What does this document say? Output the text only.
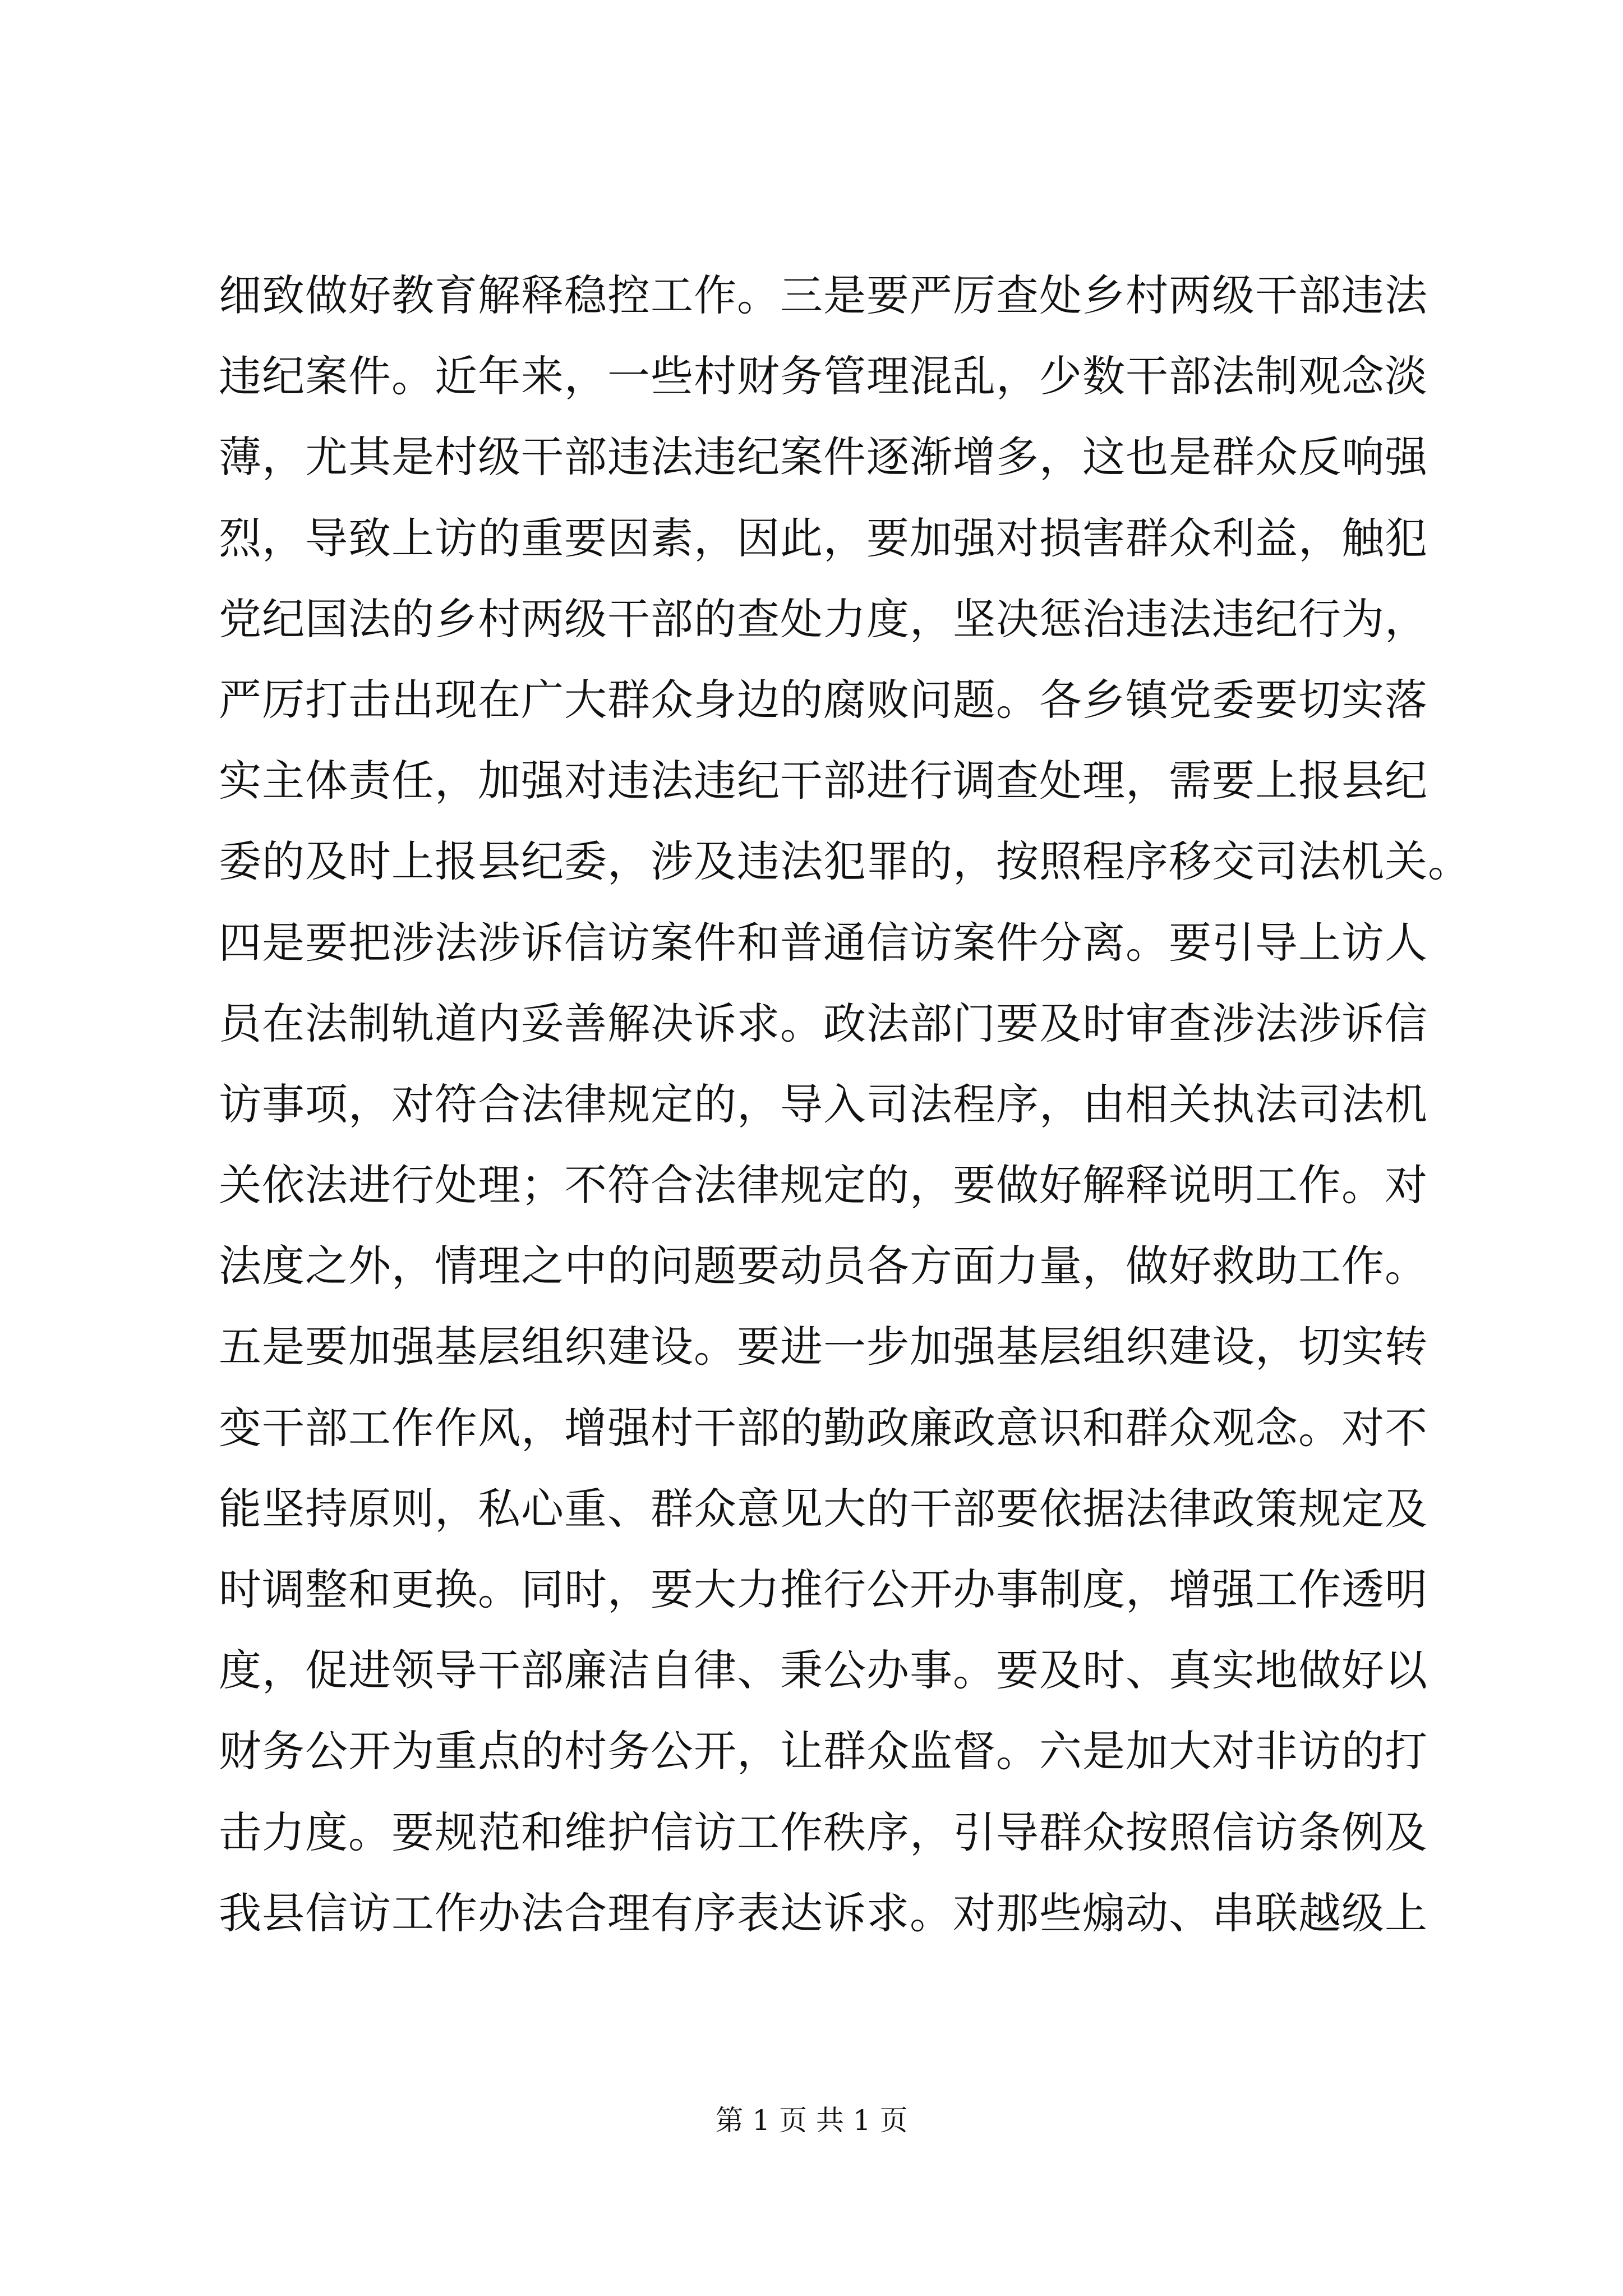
细致做好教育解释稳控工作。三是要严厉查处乡村两级干部违法
违纪案件。近年来，一些村财务管理混乱，少数干部法制观念淡
薄，尤其是村级干部违法违纪案件逐渐增多，这也是群众反响强
烈，导致上访的重要因素，因此，要加强对损害群众利益，触犯
党纪国法的乡村两级干部的查处力度，坚决惩治违法违纪行为，
严厉打击出现在广大群众身边的腐败问题。各乡镇党委要切实落
实主体责任，加强对违法违纪干部进行调查处理，需要上报县纪
委的及时上报县纪委，涉及违法犯罪的，按照程序移交司法机关。
四是要把涉法涉诉信访案件和普通信访案件分离。要引导上访人
员在法制轨道内妥善解决诉求。政法部门要及时审查涉法涉诉信
访事项，对符合法律规定的，导入司法程序，由相关执法司法机
关依法进行处理；不符合法律规定的，要做好解释说明工作。对
法度之外，情理之中的问题要动员各方面力量，做好救助工作。
五是要加强基层组织建设。要进一步加强基层组织建设，切实转
变干部工作作风，增强村干部的勤政廉政意识和群众观念。对不
能坚持原则，私心重、群众意见大的干部要依据法律政策规定及
时调整和更换。同时，要大力推行公开办事制度，增强工作透明
度，促进领导干部廉洁自律、秉公办事。要及时、真实地做好以
财务公开为重点的村务公开，让群众监督。六是加大对非访的打
击力度。要规范和维护信访工作秩序，引导群众按照信访条例及
我县信访工作办法合理有序表达诉求。对那些煽动、串联越级上
第 1 页 共 1 页
